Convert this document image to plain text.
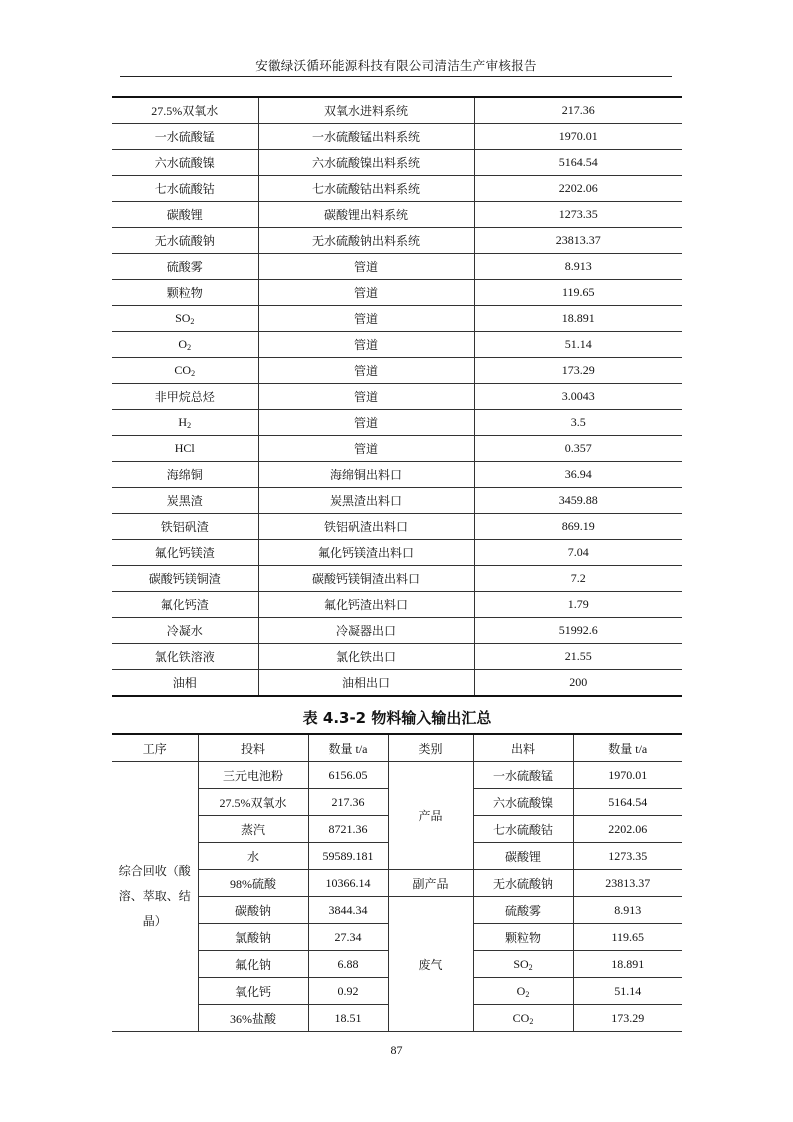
安徽绿沃循环能源科技有限公司清洁生产审核报告
27.5%双氧水	双氧水进料系统	217.36
一水硫酸锰	一水硫酸锰出料系统	1970.01
六水硫酸镍	六水硫酸镍出料系统	5164.54
七水硫酸钴	七水硫酸钴出料系统	2202.06
碳酸锂	碳酸锂出料系统	1273.35
无水硫酸钠	无水硫酸钠出料系统	23813.37
硫酸雾	管道	8.913
颗粒物	管道	119.65
$SO_2$	管道	18.891
$O_2$	管道	51.14
$CO_2$	管道	173.29
非甲烷总烃	管道	3.0043
$H_2$	管道	3.5
HCl	管道	0.357
海绵铜	海绵铜出料口	36.94
炭黑渣	炭黑渣出料口	3459.88
铁铝矾渣	铁铝矾渣出料口	869.19
氟化钙镁渣	氟化钙镁渣出料口	7.04
碳酸钙镁铜渣	碳酸钙镁铜渣出料口	7.2
氟化钙渣	氟化钙渣出料口	1.79
冷凝水	冷凝器出口	51992.6
氯化铁溶液	氯化铁出口	21.55
油相	油相出口	200
表 4.3-2 物料输入输出汇总
工序	投料	数量 t/a	类别	出料	数量 t/a
综合回收（酸溶、萃取、结晶）	三元电池粉	6156.05	产品	一水硫酸锰	1970.01
	27.5%双氧水	217.36		六水硫酸镍	5164.54
	蒸汽	8721.36		七水硫酸钴	2202.06
	水	59589.181		碳酸锂	1273.35
	98%硫酸	10366.14	副产品	无水硫酸钠	23813.37
	碳酸钠	3844.34	废气	硫酸雾	8.913
	氯酸钠	27.34		颗粒物	119.65
	氟化钠	6.88		$SO_2$	18.891
	氧化钙	0.92		$O_2$	51.14
	36%盐酸	18.51		$CO_2$	173.29
87
